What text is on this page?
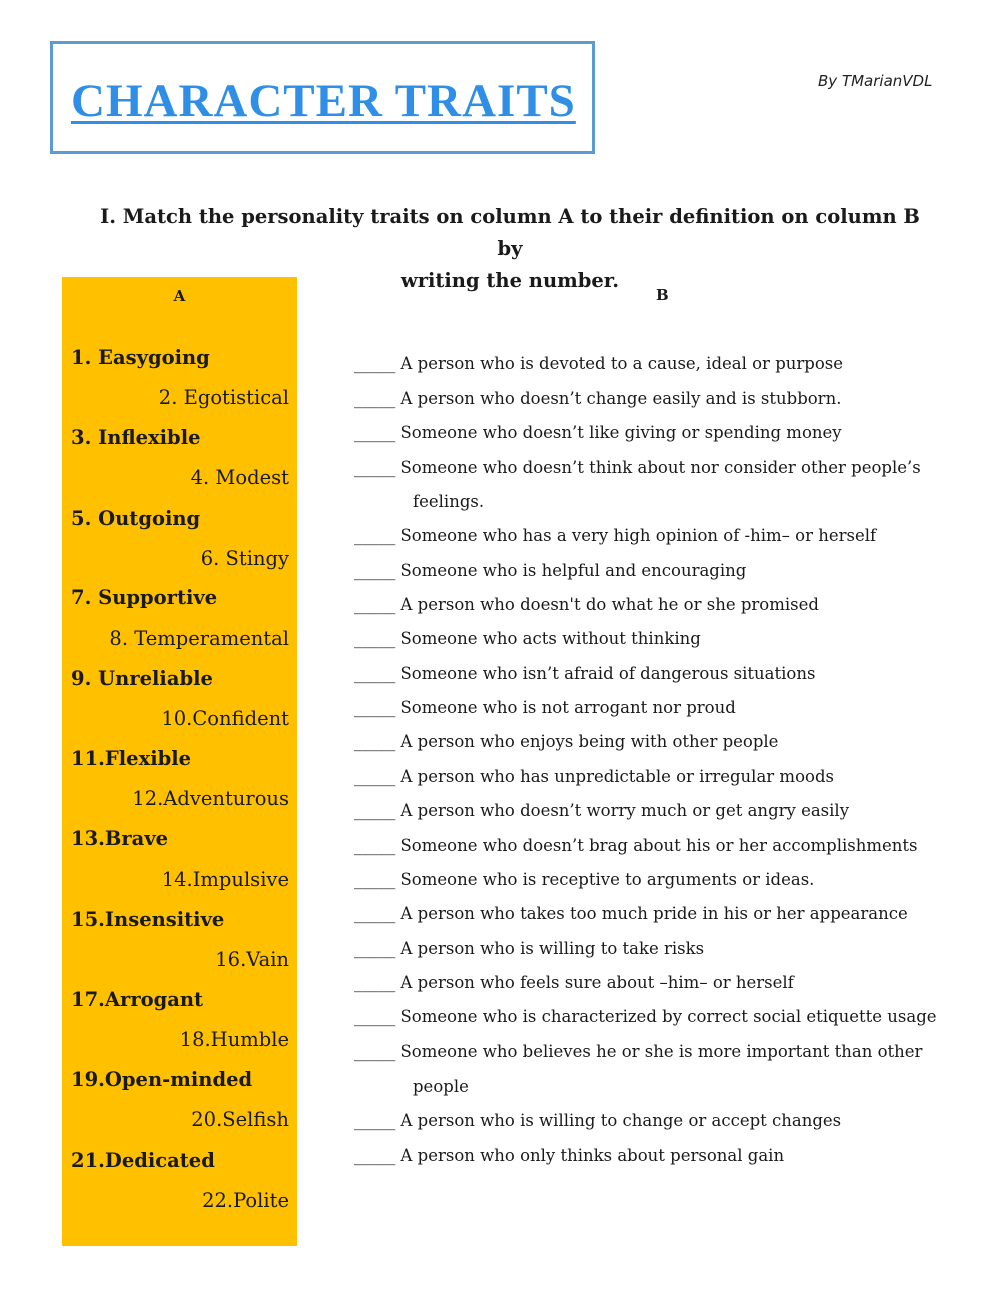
CHARACTER TRAITS	By TMarianVDL
I. Match the personality traits on column A to their definition on column B by
writing the number.
A
1. Easygoing
2. Egotistical
3. Inflexible
4. Modest
5. Outgoing
6. Stingy
7. Supportive
8. Temperamental
9. Unreliable
10.Confident
11.Flexible
12.Adventurous
13.Brave
14.Impulsive
15.Insensitive
16.Vain
17.Arrogant
18.Humble
19.Open-minded
20.Selfish
21.Dedicated
22.Polite
B
_____ A person who is devoted to a cause, ideal or purpose
_____ A person who doesn’t change easily and is stubborn.
_____ Someone who doesn’t like giving or spending money
_____ Someone who doesn’t think about nor consider other people’s
feelings.
_____ Someone who has a very high opinion of -him– or herself
_____ Someone who is helpful and encouraging
_____ A person who doesn't do what he or she promised
_____ Someone who acts without thinking
_____ Someone who isn’t afraid of dangerous situations
_____ Someone who is not arrogant nor proud
_____ A person who enjoys being with other people
_____ A person who has unpredictable or irregular moods
_____ A person who doesn’t worry much or get angry easily
_____ Someone who doesn’t brag about his or her accomplishments
_____ Someone who is receptive to arguments or ideas.
_____ A person who takes too much pride in his or her appearance
_____ A person who is willing to take risks
_____ A person who feels sure about –him– or herself
_____ Someone who is characterized by correct social etiquette usage
_____ Someone who believes he or she is more important than other
people
_____ A person who is willing to change or accept changes
_____ A person who only thinks about personal gain
